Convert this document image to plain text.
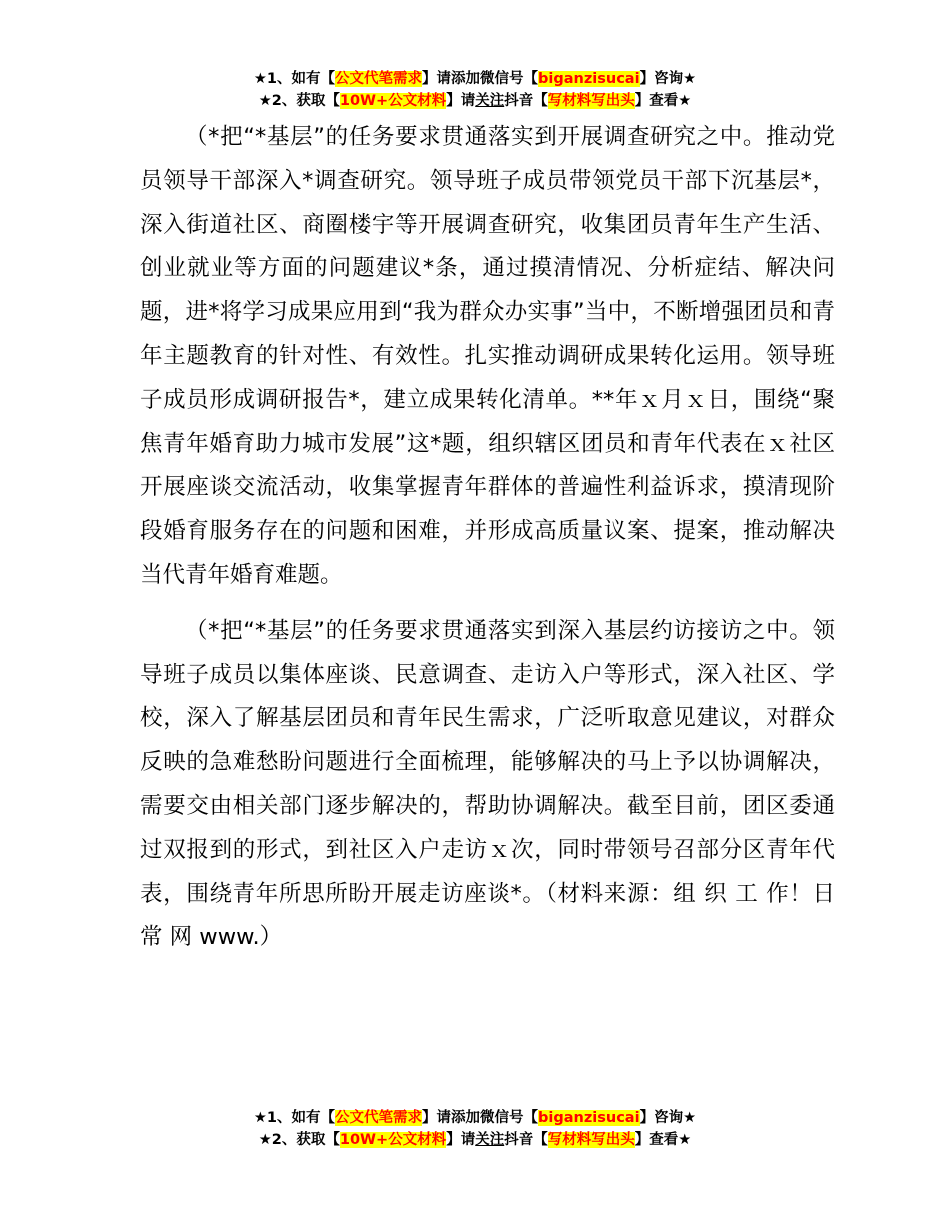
★1、如有【公文代笔需求】请添加微信号【biganzisucai】咨询★
★2、获取【10W+公文材料】请关注抖音【写材料写出头】查看★

（*把“*基层”的任务要求贯通落实到开展调查研究之中。推动党员领导干部深入*调查研究。领导班子成员带领党员干部下沉基层*，深入街道社区、商圈楼宇等开展调查研究，收集团员青年生产生活、创业就业等方面的问题建议*条，通过摸清情况、分析症结、解决问题，进*将学习成果应用到“我为群众办实事”当中，不断增强团员和青年主题教育的针对性、有效性。扎实推动调研成果转化运用。领导班子成员形成调研报告*，建立成果转化清单。**年ｘ月ｘ日，围绕“聚焦青年婚育助力城市发展”这*题，组织辖区团员和青年代表在ｘ社区开展座谈交流活动，收集掌握青年群体的普遍性利益诉求，摸清现阶段婚育服务存在的问题和困难，并形成高质量议案、提案，推动解决当代青年婚育难题。

（*把“*基层”的任务要求贯通落实到深入基层约访接访之中。领导班子成员以集体座谈、民意调查、走访入户等形式，深入社区、学校，深入了解基层团员和青年民生需求，广泛听取意见建议，对群众反映的急难愁盼问题进行全面梳理，能够解决的马上予以协调解决，需要交由相关部门逐步解决的，帮助协调解决。截至目前，团区委通过双报到的形式，到社区入户走访ｘ次，同时带领号召部分区青年代表，围绕青年所思所盼开展走访座谈*。（材料来源：组 织 工 作！日 常 网 www.）

★1、如有【公文代笔需求】请添加微信号【biganzisucai】咨询★
★2、获取【10W+公文材料】请关注抖音【写材料写出头】查看★
